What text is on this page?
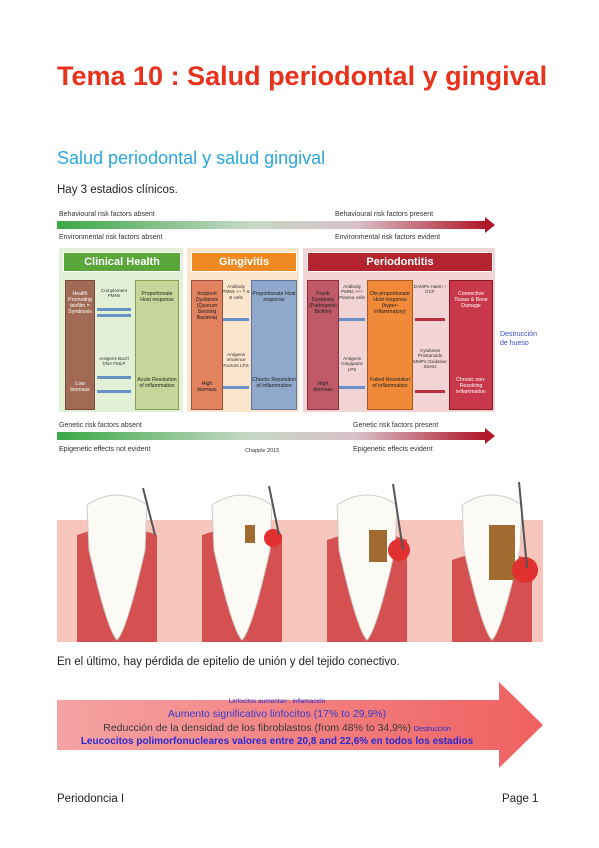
Tema 10 : Salud periodontal y gingival
Salud periodontal y salud gingival
Hay 3 estadios clínicos.
Behavioural risk factors absent	Behavioural risk factors present
Environmental risk factors absent	Environmental risk factors evident
Genetic risk factors absent	Genetic risk factors present
Epigenetic effects not evident	Chapple 2015	Epigenetic effects evident
Clinical Health
Health Promoting biofilm = Symbiosis
Low biomass
Complement PMNs
Antigens Bact'l DNA FMLP
Proportionate Host response
Acute Resolution of inflammation
Gingivitis
Incipient Dysbiosis (Quorum Sensing Bacteria)
High biomass
Antibody PMNs ++ T & B cells
Antigens Virulence Factors LPS
Proportionate Host response
Chronic Resolution of inflammation
Periodontitis
Frank Dysbiosis (Pathogenic Biofilm)
High biomass
Antibody PMNs +++ Plasma cells
Antigens Gingipains LPS
Dis-proportionate Host response (hyper-inflammatory)
Failed Resolution of inflammation
DAMPs Haem ↑ GCF
Cytokines Prostanoids MMPs Oxidative Stress
Connective Tissue & Bone Damage
Chronic non-Resolving inflammation
Destrucción de hueso
En el último, hay pérdida de epitelio de unión y del tejido conectivo.
Linfocitos aumentan : inflamación
Aumento significativo linfocitos (17% to 29,9%)
Reducción de la densidad de los fibroblastos (from 48% to 34,9%) Destrucción
Leucocitos polimorfonucleares valores entre 20,8 and 22,6% en todos los estadios
Periodoncia I	Page 1
